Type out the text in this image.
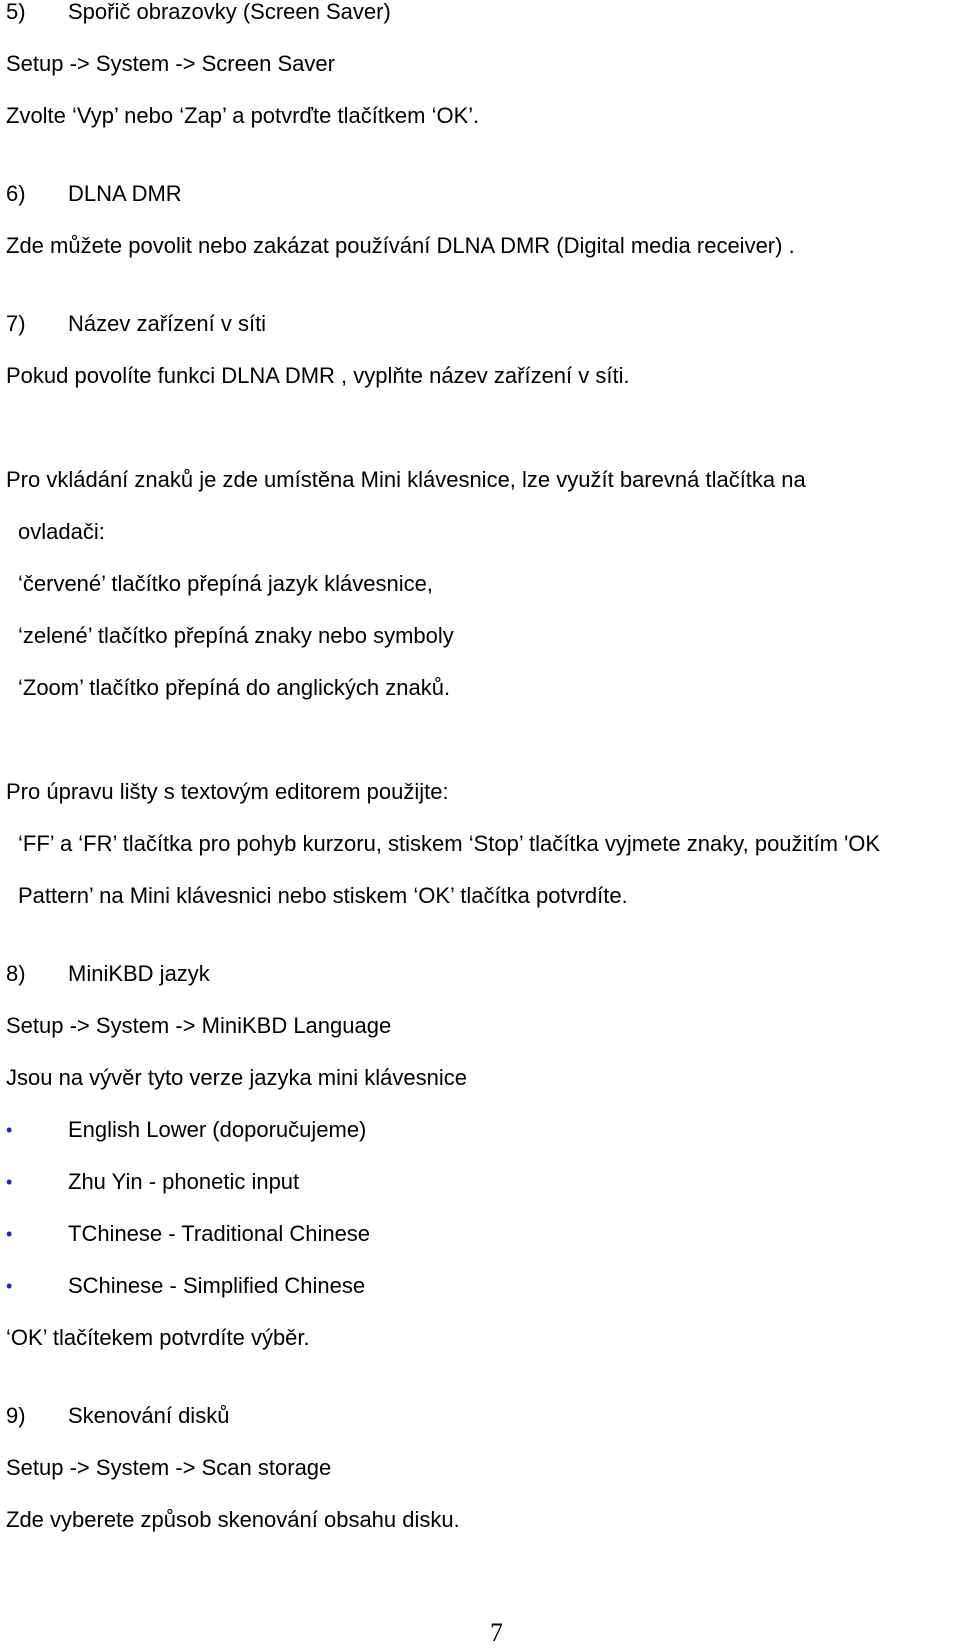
5) Spořič obrazovky (Screen Saver)
Setup -> System -> Screen Saver
Zvolte ‘Vyp’ nebo ‘Zap’ a potvrďte tlačítkem ‘OK’.
6) DLNA DMR
Zde můžete povolit nebo zakázat používání DLNA DMR (Digital media receiver) .
7) Název zařízení v síti
Pokud povolíte funkci DLNA DMR , vyplňte název zařízení v síti.
Pro vkládání znaků je zde umístěna Mini klávesnice, lze využít barevná tlačítka na
ovladači:
‘červené’ tlačítko přepíná jazyk klávesnice,
‘zelené’ tlačítko přepíná znaky nebo symboly
‘Zoom’ tlačítko přepíná do anglických znaků.
Pro úpravu lišty s textovým editorem použijte:
‘FF’ a ‘FR’ tlačítka pro pohyb kurzoru, stiskem ‘Stop’ tlačítka vyjmete znaky, použitím 'OK
Pattern’ na Mini klávesnici nebo stiskem ‘OK’ tlačítka potvrdíte.
8) MiniKBD jazyk
Setup -> System -> MiniKBD Language
Jsou na vývěr tyto verze jazyka mini klávesnice
•	English Lower (doporučujeme)
•	Zhu Yin - phonetic input
•	TChinese - Traditional Chinese
•	SChinese - Simplified Chinese
‘OK’ tlačítekem potvrdíte výběr.
9) Skenování disků
Setup -> System -> Scan storage
Zde vyberete způsob skenování obsahu disku.
7
